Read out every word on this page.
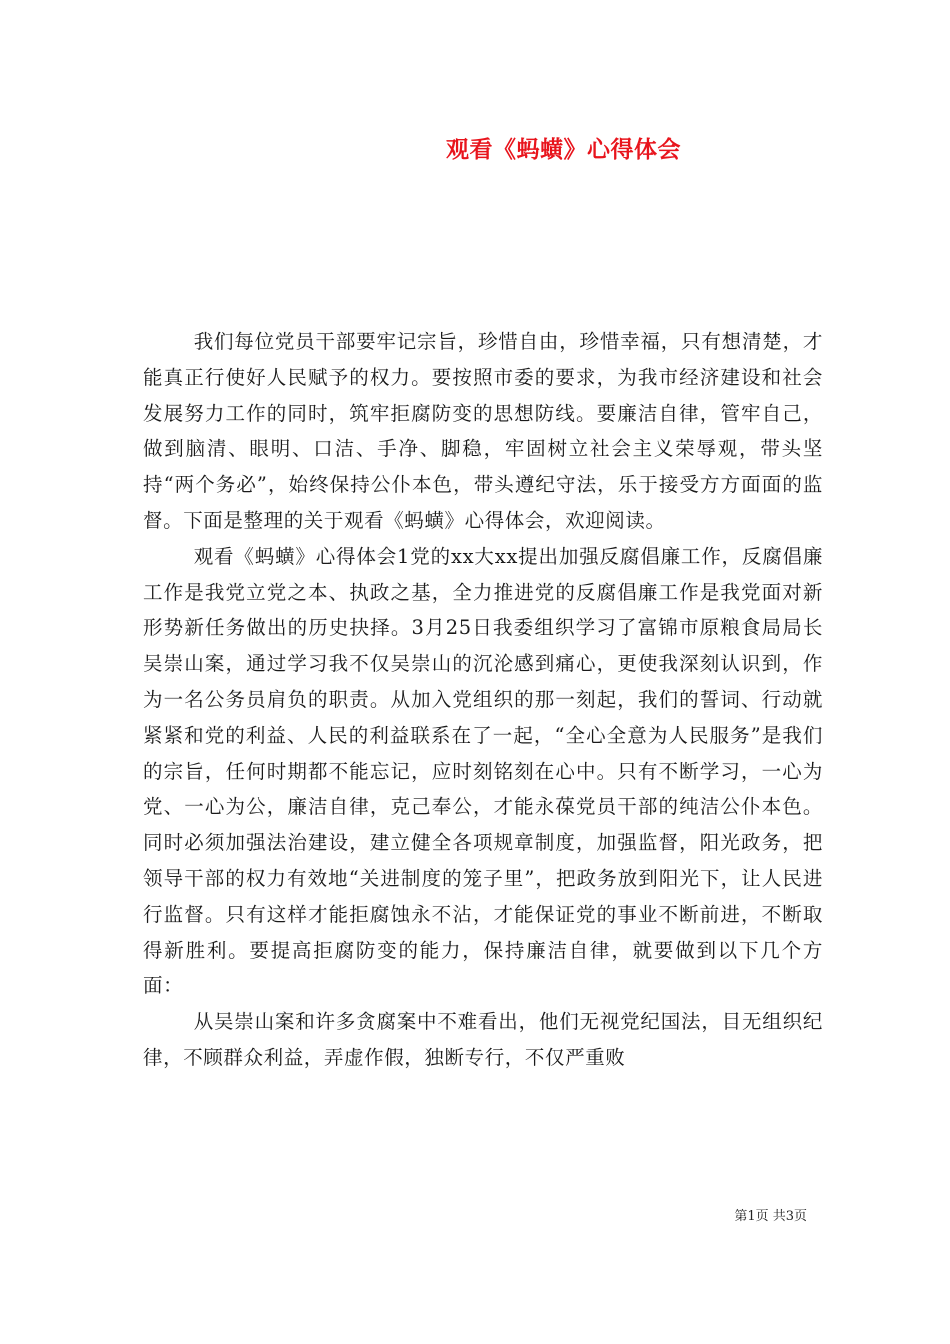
观看《蚂蟥》心得体会

我们每位党员干部要牢记宗旨，珍惜自由，珍惜幸福，只有想清楚，才能真正行使好人民赋予的权力。要按照市委的要求，为我市经济建设和社会发展努力工作的同时，筑牢拒腐防变的思想防线。要廉洁自律，管牢自己，做到脑清、眼明、口洁、手净、脚稳，牢固树立社会主义荣辱观，带头坚持“两个务必”，始终保持公仆本色，带头遵纪守法，乐于接受方方面面的监督。下面是整理的关于观看《蚂蟥》心得体会，欢迎阅读。

观看《蚂蟥》心得体会1党的xx大xx提出加强反腐倡廉工作，反腐倡廉工作是我党立党之本、执政之基，全力推进党的反腐倡廉工作是我党面对新形势新任务做出的历史抉择。3月25日我委组织学习了富锦市原粮食局局长吴崇山案，通过学习我不仅吴崇山的沉沦感到痛心，更使我深刻认识到，作为一名公务员肩负的职责。从加入党组织的那一刻起，我们的誓词、行动就紧紧和党的利益、人民的利益联系在了一起，“全心全意为人民服务”是我们的宗旨，任何时期都不能忘记，应时刻铭刻在心中。只有不断学习，一心为党、一心为公，廉洁自律，克己奉公，才能永葆党员干部的纯洁公仆本色。同时必须加强法治建设，建立健全各项规章制度，加强监督，阳光政务，把领导干部的权力有效地“关进制度的笼子里”，把政务放到阳光下，让人民进行监督。只有这样才能拒腐蚀永不沾，才能保证党的事业不断前进，不断取得新胜利。要提高拒腐防变的能力，保持廉洁自律，就要做到以下几个方面：

从吴崇山案和许多贪腐案中不难看出，他们无视党纪国法，目无组织纪律，不顾群众利益，弄虚作假，独断专行，不仅严重败

第1页 共3页
